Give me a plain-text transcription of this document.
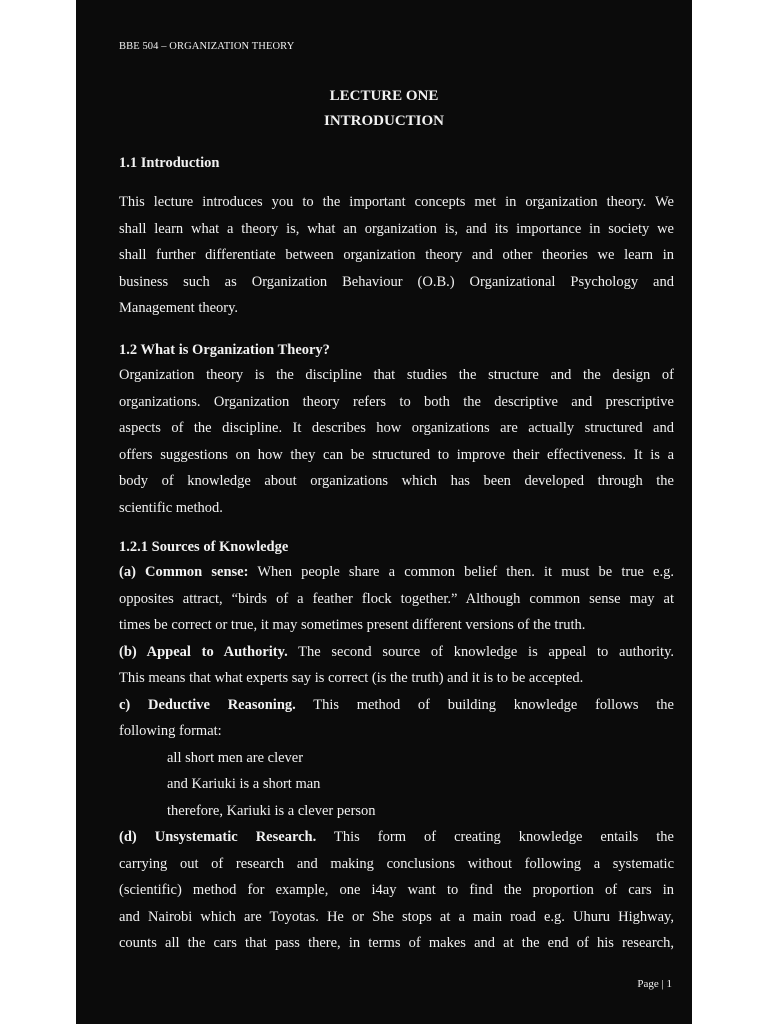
BBE 504 – ORGANIZATION THEORY
LECTURE ONE
INTRODUCTION
1.1 Introduction
This lecture introduces you to the important concepts met in organization theory. We
shall learn what a theory is, what an organization is, and its importance in society we
shall further differentiate between organization theory and other theories we learn in
business such as Organization Behaviour (O.B.) Organizational Psychology and
Management theory.
1.2 What is Organization Theory?
Organization theory is the discipline that studies the structure and the design of
organizations. Organization theory refers to both the descriptive and prescriptive
aspects of the discipline. It describes how organizations are actually structured and
offers suggestions on how they can be structured to improve their effectiveness. It is a
body of knowledge about organizations which has been developed through the
scientific method.
1.2.1 Sources of Knowledge
(a) Common sense: When people share a common belief then. it must be true e.g.
opposites attract, “birds of a feather flock together.” Although common sense may at
times be correct or true, it may sometimes present different versions of the truth.
(b) Appeal to Authority. The second source of knowledge is appeal to authority.
This means that what experts say is correct (is the truth) and it is to be accepted.
c) Deductive Reasoning. This method of building knowledge follows the
following format:
all short men are clever
and Kariuki is a short man
therefore, Kariuki is a clever person
(d) Unsystematic Research. This form of creating knowledge entails the
carrying out of research and making conclusions without following a systematic
(scientific) method for example, one i4ay want to find the proportion of cars in
and Nairobi which are Toyotas. He or She stops at a main road e.g. Uhuru Highway,
counts all the cars that pass there, in terms of makes and at the end of his research,
Page | 1
